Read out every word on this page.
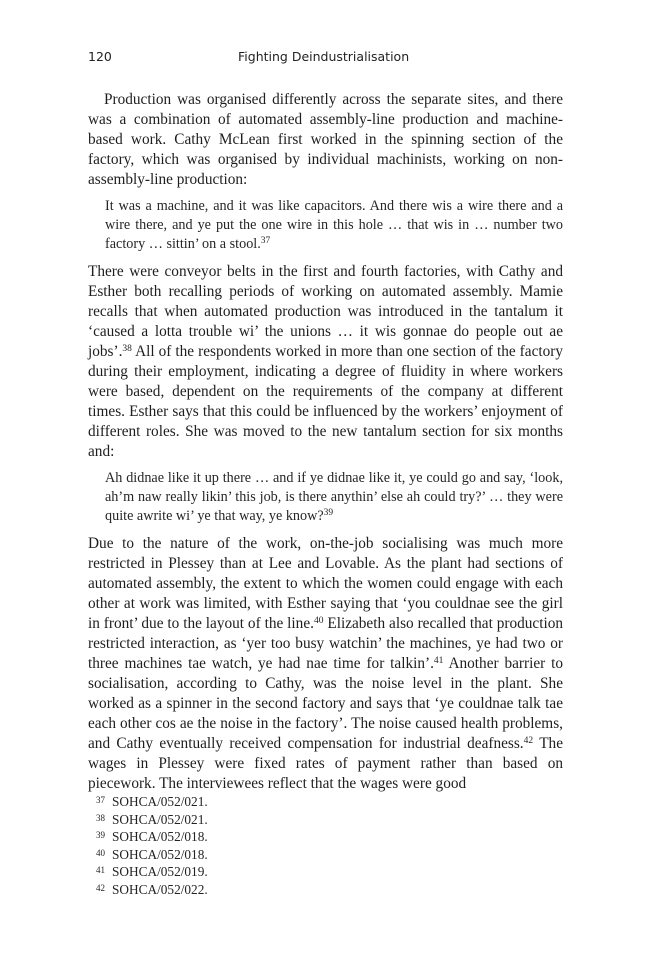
120	Fighting Deindustrialisation

Production was organised differently across the separate sites, and there was a combination of automated assembly-line production and machine-based work. Cathy McLean first worked in the spinning section of the factory, which was organised by individual machinists, working on non-assembly-line production:

It was a machine, and it was like capacitors. And there wis a wire there and a wire there, and ye put the one wire in this hole … that wis in … number two factory … sittin’ on a stool.$^{37}$

There were conveyor belts in the first and fourth factories, with Cathy and Esther both recalling periods of working on automated assembly. Mamie recalls that when automated production was introduced in the tantalum it ‘caused a lotta trouble wi’ the unions … it wis gonnae do people out ae jobs’.$^{38}$ All of the respondents worked in more than one section of the factory during their employment, indicating a degree of fluidity in where workers were based, dependent on the requirements of the company at different times. Esther says that this could be influenced by the workers’ enjoyment of different roles. She was moved to the new tantalum section for six months and:

Ah didnae like it up there … and if ye didnae like it, ye could go and say, ‘look, ah’m naw really likin’ this job, is there anythin’ else ah could try?’ … they were quite awrite wi’ ye that way, ye know?$^{39}$

Due to the nature of the work, on-the-job socialising was much more restricted in Plessey than at Lee and Lovable. As the plant had sections of automated assembly, the extent to which the women could engage with each other at work was limited, with Esther saying that ‘you couldnae see the girl in front’ due to the layout of the line.$^{40}$ Elizabeth also recalled that production restricted interaction, as ‘yer too busy watchin’ the machines, ye had two or three machines tae watch, ye had nae time for talkin’.$^{41}$ Another barrier to socialisation, according to Cathy, was the noise level in the plant. She worked as a spinner in the second factory and says that ‘ye couldnae talk tae each other cos ae the noise in the factory’. The noise caused health problems, and Cathy eventually received compensation for industrial deafness.$^{42}$ The wages in Plessey were fixed rates of payment rather than based on piecework. The interviewees reflect that the wages were good

37 SOHCA/052/021.
38 SOHCA/052/021.
39 SOHCA/052/018.
40 SOHCA/052/018.
41 SOHCA/052/019.
42 SOHCA/052/022.
